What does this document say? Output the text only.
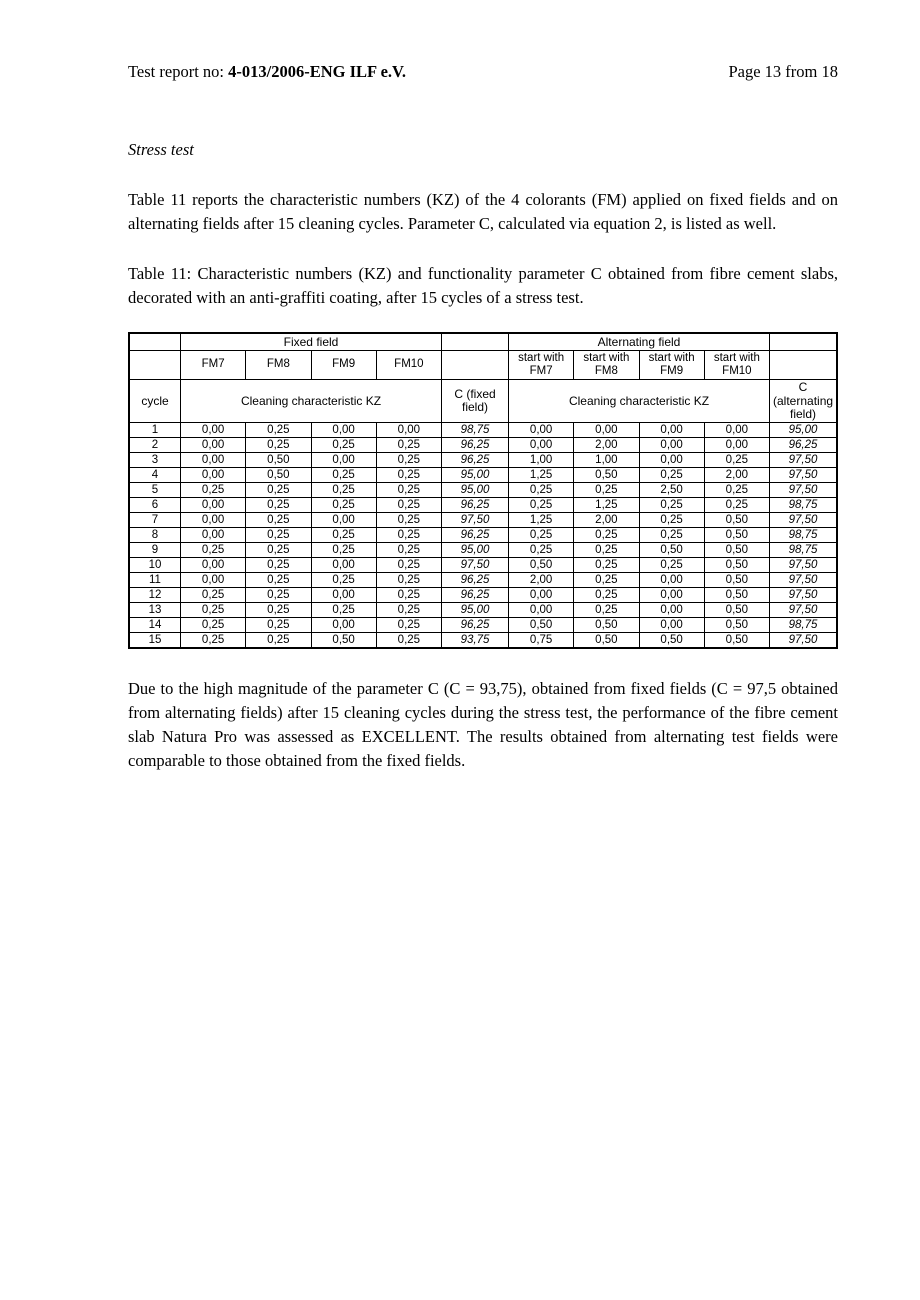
Test report no: 4-013/2006-ENG ILF e.V.	Page 13 from 18
Stress test

Table 11 reports the characteristic numbers (KZ) of the 4 colorants (FM) applied on fixed fields and on alternating fields after 15 cleaning cycles. Parameter C, calculated via equation 2, is listed as well.

Table 11: Characteristic numbers (KZ) and functionality parameter C obtained from fibre cement slabs, decorated with an anti-graffiti coating, after 15 cycles of a stress test.

	Fixed field					Alternating field				
	FM7	FM8	FM9	FM10		start with FM7	start with FM8	start with FM9	start with FM10	
cycle	Cleaning characteristic KZ				C (fixed field)	Cleaning characteristic KZ				C (alternating field)
1	0,00	0,25	0,00	0,00	98,75	0,00	0,00	0,00	0,00	95,00
2	0,00	0,25	0,25	0,25	96,25	0,00	2,00	0,00	0,00	96,25
3	0,00	0,50	0,00	0,25	96,25	1,00	1,00	0,00	0,25	97,50
4	0,00	0,50	0,25	0,25	95,00	1,25	0,50	0,25	2,00	97,50
5	0,25	0,25	0,25	0,25	95,00	0,25	0,25	2,50	0,25	97,50
6	0,00	0,25	0,25	0,25	96,25	0,25	1,25	0,25	0,25	98,75
7	0,00	0,25	0,00	0,25	97,50	1,25	2,00	0,25	0,50	97,50
8	0,00	0,25	0,25	0,25	96,25	0,25	0,25	0,25	0,50	98,75
9	0,25	0,25	0,25	0,25	95,00	0,25	0,25	0,50	0,50	98,75
10	0,00	0,25	0,00	0,25	97,50	0,50	0,25	0,25	0,50	97,50
11	0,00	0,25	0,25	0,25	96,25	2,00	0,25	0,00	0,50	97,50
12	0,25	0,25	0,00	0,25	96,25	0,00	0,25	0,00	0,50	97,50
13	0,25	0,25	0,25	0,25	95,00	0,00	0,25	0,00	0,50	97,50
14	0,25	0,25	0,00	0,25	96,25	0,50	0,50	0,00	0,50	98,75
15	0,25	0,25	0,50	0,25	93,75	0,75	0,50	0,50	0,50	97,50

Due to the high magnitude of the parameter C (C = 93,75), obtained from fixed fields (C = 97,5 obtained from alternating fields) after 15 cleaning cycles during the stress test, the performance of the fibre cement slab Natura Pro was assessed as EXCELLENT. The results obtained from alternating test fields were comparable to those obtained from the fixed fields.
